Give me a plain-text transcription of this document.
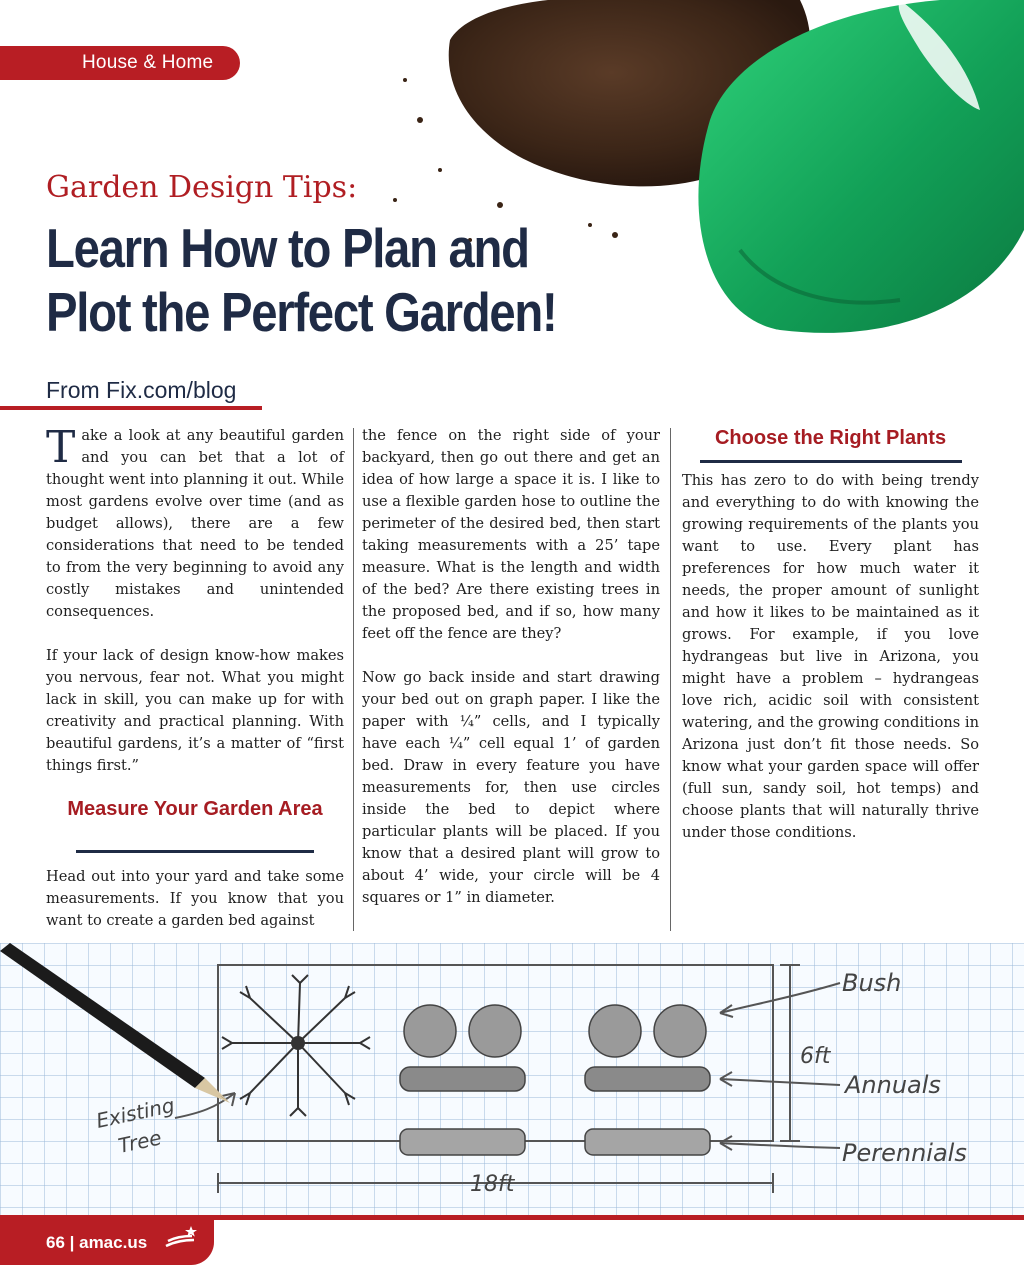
House & Home
Garden Design Tips:
Learn How to Plan and Plot the Perfect Garden!
From Fix.com/blog

Take a look at any beautiful garden and you can bet that a lot of thought went into planning it out. While most gardens evolve over time (and as budget allows), there are a few considerations that need to be tended to from the very beginning to avoid any costly mistakes and unintended consequences.

If your lack of design know-how makes you nervous, fear not. What you might lack in skill, you can make up for with creativity and practical planning. With beautiful gardens, it’s a matter of “first things first.”

Measure Your Garden Area

Head out into your yard and take some measurements. If you know that you want to create a garden bed against

the fence on the right side of your backyard, then go out there and get an idea of how large a space it is. I like to use a flexible garden hose to outline the perimeter of the desired bed, then start taking measurements with a 25’ tape measure. What is the length and width of the bed? Are there existing trees in the proposed bed, and if so, how many feet off the fence are they?

Now go back inside and start drawing your bed out on graph paper. I like the paper with ¼” cells, and I typically have each ¼” cell equal 1’ of garden bed. Draw in every feature you have measurements for, then use circles inside the bed to depict where particular plants will be placed. If you know that a desired plant will grow to about 4’ wide, your circle will be 4 squares or 1” in diameter.

Choose the Right Plants

This has zero to do with being trendy and everything to do with knowing the growing requirements of the plants you want to use. Every plant has preferences for how much water it needs, the proper amount of sunlight and how it likes to be maintained as it grows. For example, if you love hydrangeas but live in Arizona, you might have a problem – hydrangeas love rich, acidic soil with consistent watering, and the growing conditions in Arizona just don’t fit those needs. So know what your garden space will offer (full sun, sandy soil, hot temps) and choose plants that will naturally thrive under those conditions.

Bush
Annuals
Perennials
Existing
Tree
6ft
18ft
66 | amac.us
